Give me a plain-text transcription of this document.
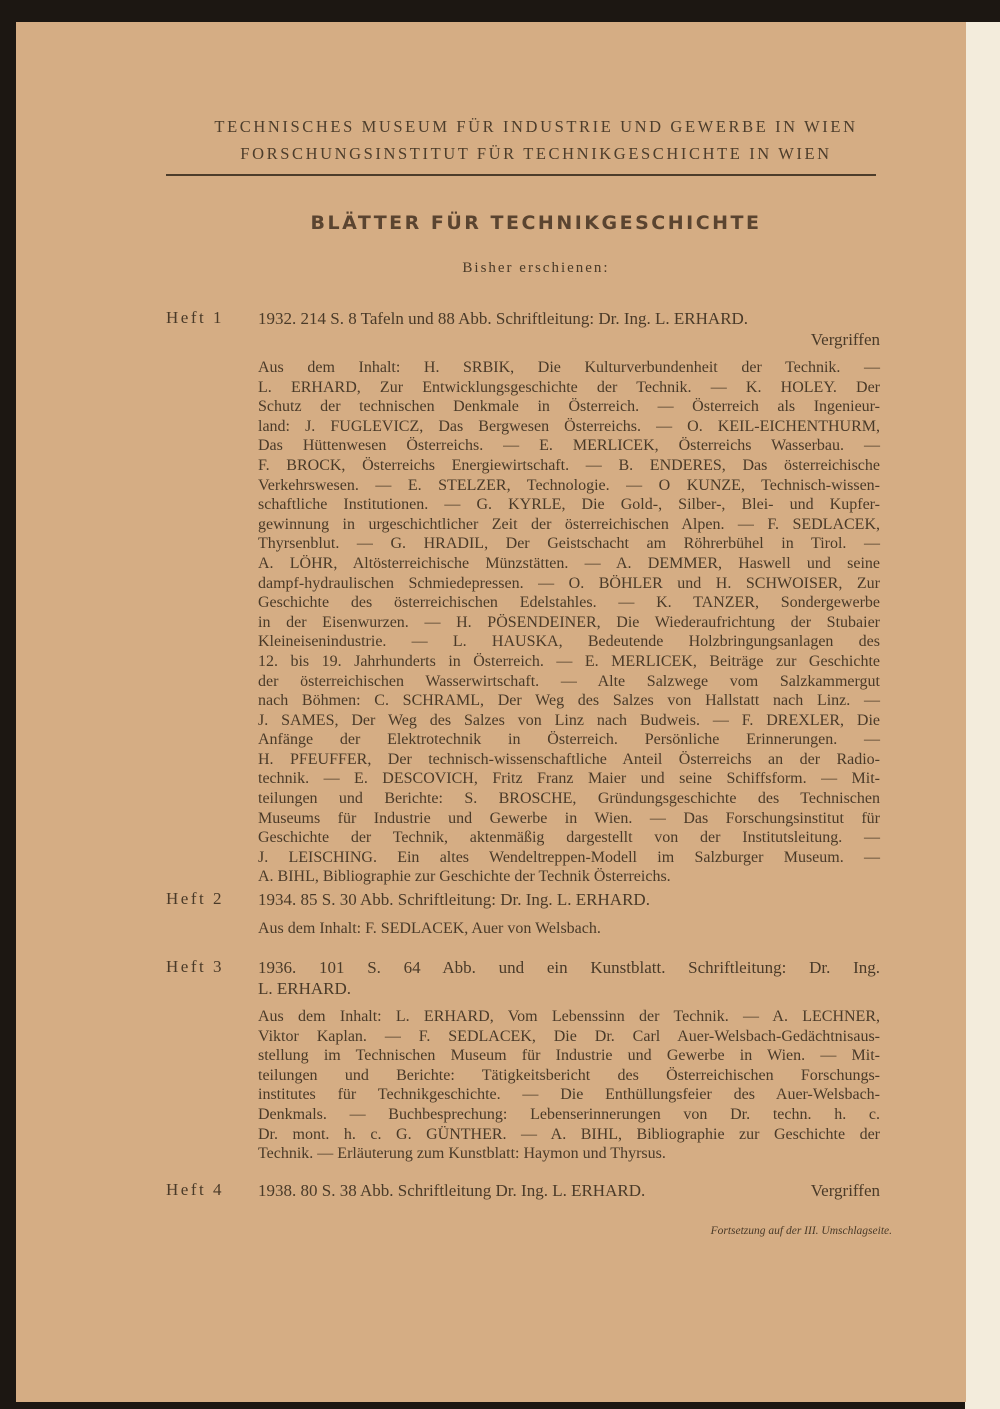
TECHNISCHES MUSEUM FÜR INDUSTRIE UND GEWERBE IN WIEN
FORSCHUNGSINSTITUT FÜR TECHNIKGESCHICHTE IN WIEN
BLÄTTER FÜR TECHNIKGESCHICHTE
Bisher erschienen:
Fortsetzung auf der III. Umschlagseite.
Heft 1 1932. 214 S. 8 Tafeln und 88 Abb. Schriftleitung: Dr. Ing. L. ERHARD.
Vergriffen
Aus dem Inhalt: H. SRBIK, Die Kulturverbundenheit der Technik. —
L. ERHARD, Zur Entwicklungsgeschichte der Technik. — K. HOLEY. Der
Schutz der technischen Denkmale in Österreich. — Österreich als Ingenieur-
land: J. FUGLEVICZ, Das Bergwesen Österreichs. — O. KEIL-EICHENTHURM,
Das Hüttenwesen Österreichs. — E. MERLICEK, Österreichs Wasserbau. —
F. BROCK, Österreichs Energiewirtschaft. — B. ENDERES, Das österreichische
Verkehrswesen. — E. STELZER, Technologie. — O KUNZE, Technisch-wissen-
schaftliche Institutionen. — G. KYRLE, Die Gold-, Silber-, Blei- und Kupfer-
gewinnung in urgeschichtlicher Zeit der österreichischen Alpen. — F. SEDLACEK,
Thyrsenblut. — G. HRADIL, Der Geistschacht am Röhrerbühel in Tirol. —
A. LÖHR, Altösterreichische Münzstätten. — A. DEMMER, Haswell und seine
dampf-hydraulischen Schmiedepressen. — O. BÖHLER und H. SCHWOISER, Zur
Geschichte des österreichischen Edelstahles. — K. TANZER, Sondergewerbe
in der Eisenwurzen. — H. PÖSENDEINER, Die Wiederaufrichtung der Stubaier
Kleineisenindustrie. — L. HAUSKA, Bedeutende Holzbringungsanlagen des
12. bis 19. Jahrhunderts in Österreich. — E. MERLICEK, Beiträge zur Geschichte
der österreichischen Wasserwirtschaft. — Alte Salzwege vom Salzkammergut
nach Böhmen: C. SCHRAML, Der Weg des Salzes von Hallstatt nach Linz. —
J. SAMES, Der Weg des Salzes von Linz nach Budweis. — F. DREXLER, Die
Anfänge der Elektrotechnik in Österreich. Persönliche Erinnerungen. —
H. PFEUFFER, Der technisch-wissenschaftliche Anteil Österreichs an der Radio-
technik. — E. DESCOVICH, Fritz Franz Maier und seine Schiffsform. — Mit-
teilungen und Berichte: S. BROSCHE, Gründungsgeschichte des Technischen
Museums für Industrie und Gewerbe in Wien. — Das Forschungsinstitut für
Geschichte der Technik, aktenmäßig dargestellt von der Institutsleitung. —
J. LEISCHING. Ein altes Wendeltreppen-Modell im Salzburger Museum. —
A. BIHL, Bibliographie zur Geschichte der Technik Österreichs.
Heft 2 1934. 85 S. 30 Abb. Schriftleitung: Dr. Ing. L. ERHARD.
Aus dem Inhalt: F. SEDLACEK, Auer von Welsbach.
Heft 3 1936. 101 S. 64 Abb. und ein Kunstblatt. Schriftleitung: Dr. Ing.
L. ERHARD.
Aus dem Inhalt: L. ERHARD, Vom Lebenssinn der Technik. — A. LECHNER,
Viktor Kaplan. — F. SEDLACEK, Die Dr. Carl Auer-Welsbach-Gedächtnisaus-
stellung im Technischen Museum für Industrie und Gewerbe in Wien. — Mit-
teilungen und Berichte: Tätigkeitsbericht des Österreichischen Forschungs-
institutes für Technikgeschichte. — Die Enthüllungsfeier des Auer-Welsbach-
Denkmals. — Buchbesprechung: Lebenserinnerungen von Dr. techn. h. c.
Dr. mont. h. c. G. GÜNTHER. — A. BIHL, Bibliographie zur Geschichte der
Technik. — Erläuterung zum Kunstblatt: Haymon und Thyrsus.
Heft 4 1938. 80 S. 38 Abb. Schriftleitung Dr. Ing. L. ERHARD.	Vergriffen
